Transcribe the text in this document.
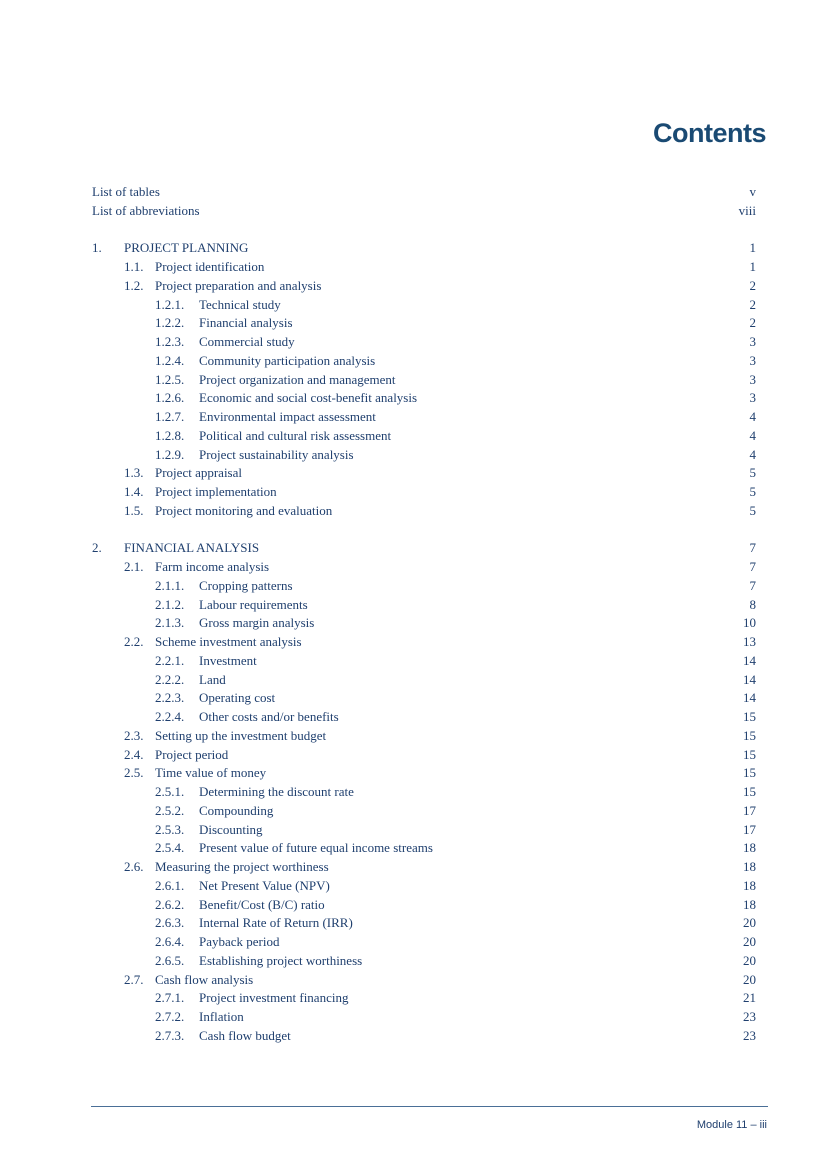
Contents
List of tables	v
List of abbreviations	viii
1. PROJECT PLANNING	1
1.1. Project identification	1
1.2. Project preparation and analysis	2
1.2.1. Technical study	2
1.2.2. Financial analysis	2
1.2.3. Commercial study	3
1.2.4. Community participation analysis	3
1.2.5. Project organization and management	3
1.2.6. Economic and social cost-benefit analysis	3
1.2.7. Environmental impact assessment	4
1.2.8. Political and cultural risk assessment	4
1.2.9. Project sustainability analysis	4
1.3. Project appraisal	5
1.4. Project implementation	5
1.5. Project monitoring and evaluation	5
2. FINANCIAL ANALYSIS	7
2.1. Farm income analysis	7
2.1.1. Cropping patterns	7
2.1.2. Labour requirements	8
2.1.3. Gross margin analysis	10
2.2. Scheme investment analysis	13
2.2.1. Investment	14
2.2.2. Land	14
2.2.3. Operating cost	14
2.2.4. Other costs and/or benefits	15
2.3. Setting up the investment budget	15
2.4. Project period	15
2.5. Time value of money	15
2.5.1. Determining the discount rate	15
2.5.2. Compounding	17
2.5.3. Discounting	17
2.5.4. Present value of future equal income streams	18
2.6. Measuring the project worthiness	18
2.6.1. Net Present Value (NPV)	18
2.6.2. Benefit/Cost (B/C) ratio	18
2.6.3. Internal Rate of Return (IRR)	20
2.6.4. Payback period	20
2.6.5. Establishing project worthiness	20
2.7. Cash flow analysis	20
2.7.1. Project investment financing	21
2.7.2. Inflation	23
2.7.3. Cash flow budget	23
Module 11 – iii
